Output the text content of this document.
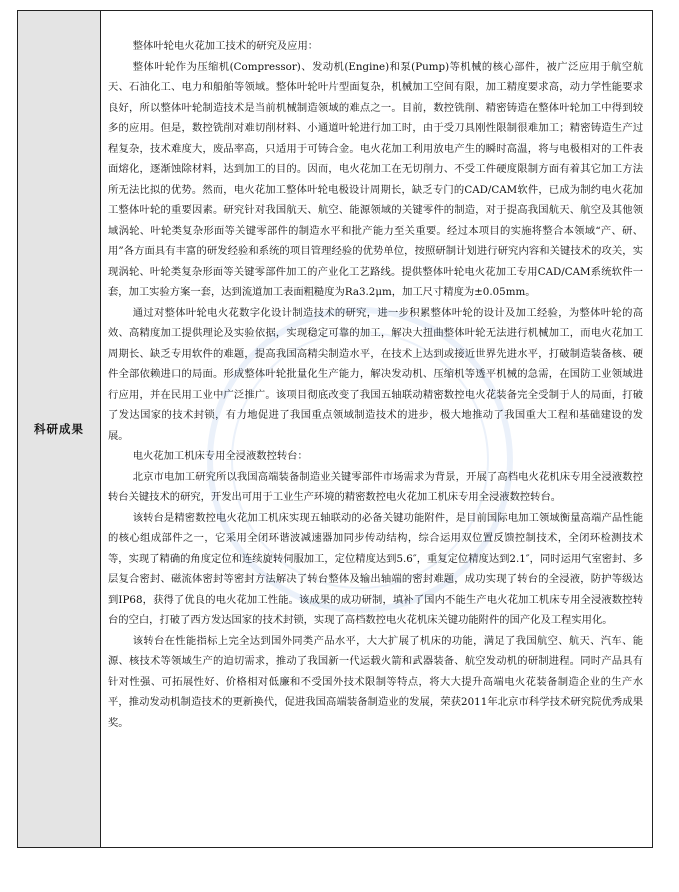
科研成果

整体叶轮电火花加工技术的研究及应用：

整体叶轮作为压缩机(Compressor)、发动机(Engine)和泵(Pump)等机械的核心部件，被广泛应用于航空航天、石油化工、电力和船舶等领域。整体叶轮叶片型面复杂，机械加工空间有限，加工精度要求高，动力学性能要求良好，所以整体叶轮制造技术是当前机械制造领域的难点之一。目前，数控铣削、精密铸造在整体叶轮加工中得到较多的应用。但是，数控铣削对难切削材料、小通道叶轮进行加工时，由于受刀具刚性限制很难加工；精密铸造生产过程复杂，技术难度大，废品率高，只适用于可铸合金。电火花加工利用放电产生的瞬时高温，将与电极相对的工件表面熔化，逐渐蚀除材料，达到加工的目的。因而，电火花加工在无切削力、不受工件硬度限制方面有着其它加工方法所无法比拟的优势。然而，电火花加工整体叶轮电极设计周期长，缺乏专门的CAD/CAM软件，已成为制约电火花加工整体叶轮的重要因素。研究针对我国航天、航空、能源领域的关键零件的制造，对于提高我国航天、航空及其他领域涡轮、叶轮类复杂形面等关键零部件的制造水平和批产能力至关重要。经过本项目的实施将整合本领域“产、研、用”各方面具有丰富的研发经验和系统的项目管理经验的优势单位，按照研制计划进行研究内容和关键技术的攻关，实现涡轮、叶轮类复杂形面等关键零部件加工的产业化工艺路线。提供整体叶轮电火花加工专用CAD/CAM系统软件一套，加工实验方案一套，达到流道加工表面粗糙度为Ra3.2μm，加工尺寸精度为±0.05mm。

通过对整体叶轮电火花数字化设计制造技术的研究，进一步积累整体叶轮的设计及加工经验，为整体叶轮的高效、高精度加工提供理论及实验依据，实现稳定可靠的加工，解决大扭曲整体叶轮无法进行机械加工，而电火花加工周期长、缺乏专用软件的难题，提高我国高精尖制造水平，在技术上达到或接近世界先进水平，打破制造装备核、硬件全部依赖进口的局面。形成整体叶轮批量化生产能力，解决发动机、压缩机等透平机械的急需，在国防工业领域进行应用，并在民用工业中广泛推广。该项目彻底改变了我国五轴联动精密数控电火花装备完全受制于人的局面，打破了发达国家的技术封锁，有力地促进了我国重点领域制造技术的进步，极大地推动了我国重大工程和基础建设的发展。

电火花加工机床专用全浸液数控转台：

北京市电加工研究所以我国高端装备制造业关键零部件市场需求为背景，开展了高档电火花机床专用全浸液数控转台关键技术的研究，开发出可用于工业生产环境的精密数控电火花加工机床专用全浸液数控转台。

该转台是精密数控电火花加工机床实现五轴联动的必备关键功能附件，是目前国际电加工领域衡量高端产品性能的核心组成部件之一，它采用全闭环谐波减速器加同步传动结构，综合运用双位置反馈控制技术，全闭环检测技术等，实现了精确的角度定位和连续旋转伺服加工，定位精度达到5.6″，重复定位精度达到2.1″，同时运用气室密封、多层复合密封、磁流体密封等密封方法解决了转台整体及输出轴端的密封难题，成功实现了转台的全浸液，防护等级达到IP68，获得了优良的电火花加工性能。该成果的成功研制，填补了国内不能生产电火花加工机床专用全浸液数控转台的空白，打破了西方发达国家的技术封锁，实现了高档数控电火花机床关键功能附件的国产化及工程实用化。

该转台在性能指标上完全达到国外同类产品水平，大大扩展了机床的功能，满足了我国航空、航天、汽车、能源、核技术等领域生产的迫切需求，推动了我国新一代运载火箭和武器装备、航空发动机的研制进程。同时产品具有针对性强、可拓展性好、价格相对低廉和不受国外技术限制等特点，将大大提升高端电火花装备制造企业的生产水平，推动发动机制造技术的更新换代，促进我国高端装备制造业的发展，荣获2011年北京市科学技术研究院优秀成果奖。
